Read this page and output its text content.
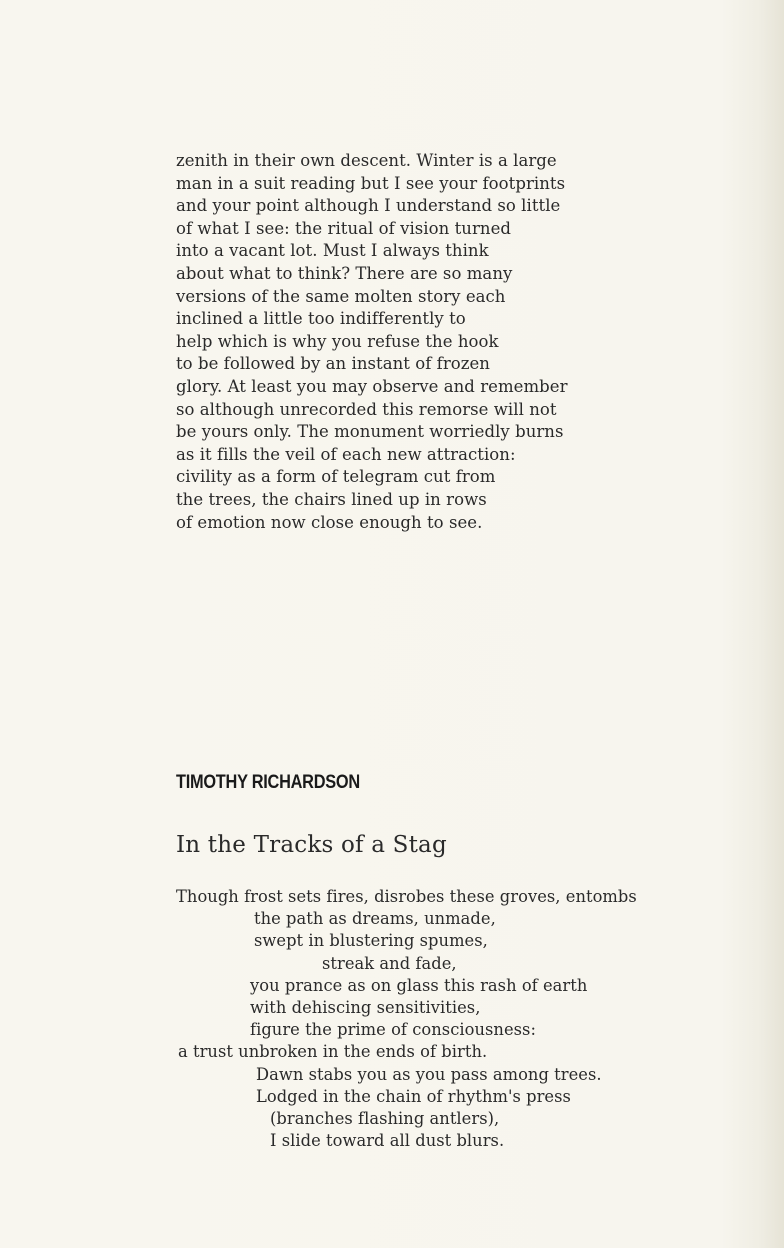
zenith in their own descent. Winter is a large
man in a suit reading but I see your footprints
and your point although I understand so little
of what I see: the ritual of vision turned
into a vacant lot. Must I always think
about what to think? There are so many
versions of the same molten story each
inclined a little too indifferently to
help which is why you refuse the hook
to be followed by an instant of frozen
glory. At least you may observe and remember
so although unrecorded this remorse will not
be yours only. The monument worriedly burns
as it fills the veil of each new attraction:
civility as a form of telegram cut from
the trees, the chairs lined up in rows
of emotion now close enough to see.
TIMOTHY RICHARDSON
In the Tracks of a Stag
Though frost sets fires, disrobes these groves, entombs
the path as dreams, unmade,
swept in blustering spumes,
streak and fade,
you prance as on glass this rash of earth
with dehiscing sensitivities,
figure the prime of consciousness:
a trust unbroken in the ends of birth.
Dawn stabs you as you pass among trees.
Lodged in the chain of rhythm's press
(branches flashing antlers),
I slide toward all dust blurs.
